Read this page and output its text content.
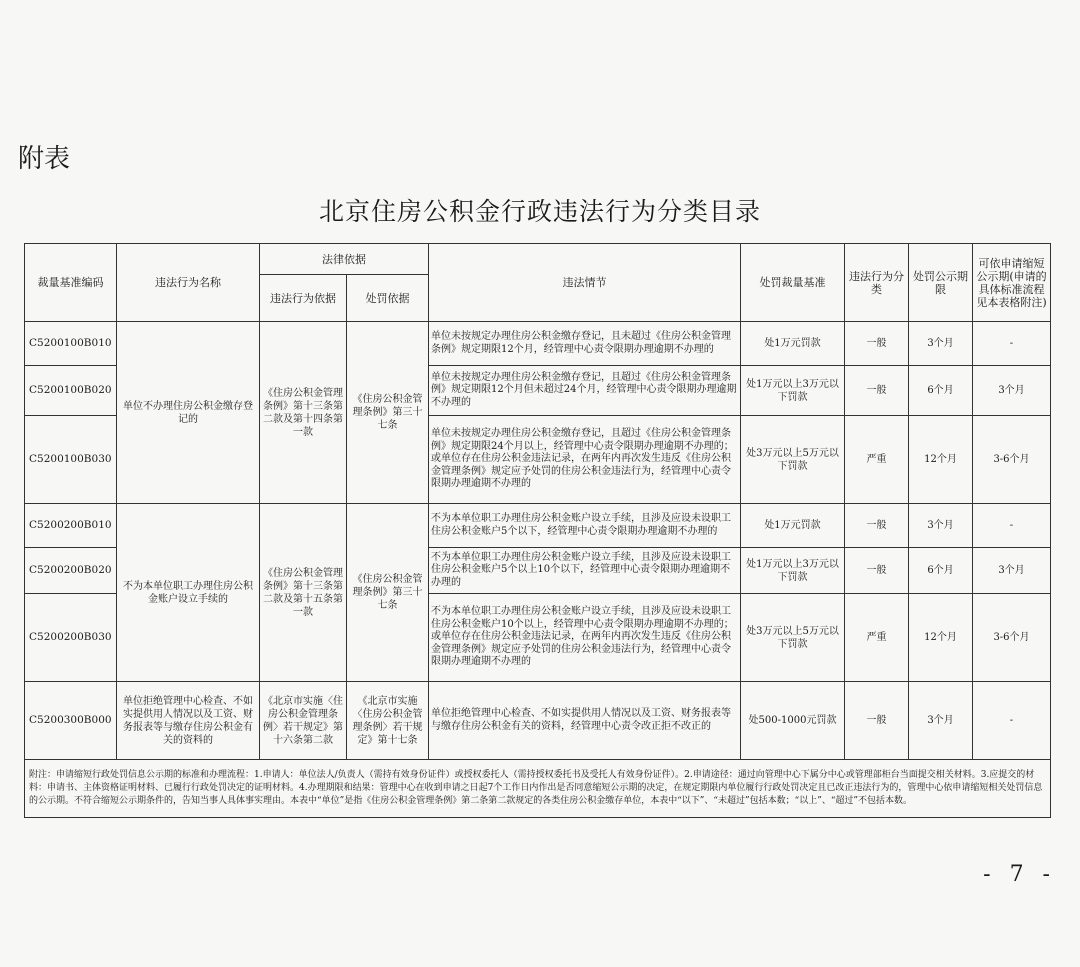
附表
北京住房公积金行政违法行为分类目录
裁量基准编码	违法行为名称	法律依据		违法情节	处罚裁量基准	违法行为分类	处罚公示期限	可依申请缩短公示期(申请的具体标准流程见本表格附注)
		违法行为依据	处罚依据					
C5200100B010	单位不办理住房公积金缴存登记的	《住房公积金管理条例》第十三条第二款及第十四条第一款	《住房公积金管理条例》第三十七条	单位未按规定办理住房公积金缴存登记，且未超过《住房公积金管理条例》规定期限12个月，经管理中心责令限期办理逾期不办理的	处1万元罚款	一般	3个月	-
C5200100B020				单位未按规定办理住房公积金缴存登记，且超过《住房公积金管理条例》规定期限12个月但未超过24个月，经管理中心责令限期办理逾期不办理的	处1万元以上3万元以下罚款	一般	6个月	3个月
C5200100B030				单位未按规定办理住房公积金缴存登记，且超过《住房公积金管理条例》规定期限24个月以上，经管理中心责令限期办理逾期不办理的；或单位存在住房公积金违法记录，在两年内再次发生违反《住房公积金管理条例》规定应予处罚的住房公积金违法行为，经管理中心责令限期办理逾期不办理的	处3万元以上5万元以下罚款	严重	12个月	3-6个月
C5200200B010	不为本单位职工办理住房公积金账户设立手续的	《住房公积金管理条例》第十三条第二款及第十五条第一款	《住房公积金管理条例》第三十七条	不为本单位职工办理住房公积金账户设立手续，且涉及应设未设职工住房公积金账户5个以下，经管理中心责令限期办理逾期不办理的	处1万元罚款	一般	3个月	-
C5200200B020				不为本单位职工办理住房公积金账户设立手续，且涉及应设未设职工住房公积金账户5个以上10个以下，经管理中心责令限期办理逾期不办理的	处1万元以上3万元以下罚款	一般	6个月	3个月
C5200200B030				不为本单位职工办理住房公积金账户设立手续，且涉及应设未设职工住房公积金账户10个以上，经管理中心责令限期办理逾期不办理的；或单位存在住房公积金违法记录，在两年内再次发生违反《住房公积金管理条例》规定应予处罚的住房公积金违法行为，经管理中心责令限期办理逾期不办理的	处3万元以上5万元以下罚款	严重	12个月	3-6个月
C5200300B000	单位拒绝管理中心检查、不如实提供用人情况以及工资、财务报表等与缴存住房公积金有关的资料的	《北京市实施〈住房公积金管理条例〉若干规定》第十六条第二款	《北京市实施〈住房公积金管理条例〉若干规定》第十七条	单位拒绝管理中心检查、不如实提供用人情况以及工资、财务报表等与缴存住房公积金有关的资料，经管理中心责令改正拒不改正的	处500-1000元罚款	一般	3个月	-
附注：申请缩短行政处罚信息公示期的标准和办理流程：1.申请人：单位法人/负责人（需持有效身份证件）或授权委托人（需持授权委托书及受托人有效身份证件）。2.申请途径：通过向管理中心下属分中心或管理部柜台当面提交相关材料。3.应提交的材料：申请书、主体资格证明材料、已履行行政处罚决定的证明材料。4.办理期限和结果：管理中心在收到申请之日起7个工作日内作出是否同意缩短公示期的决定，在规定期限内单位履行行政处罚决定且已改正违法行为的，管理中心依申请缩短相关处罚信息的公示期。不符合缩短公示期条件的，告知当事人具体事实理由。本表中“单位”是指《住房公积金管理条例》第二条第二款规定的各类住房公积金缴存单位，本表中“以下”、“未超过”包括本数；“以上”、“超过”不包括本数。								
- 7 -
